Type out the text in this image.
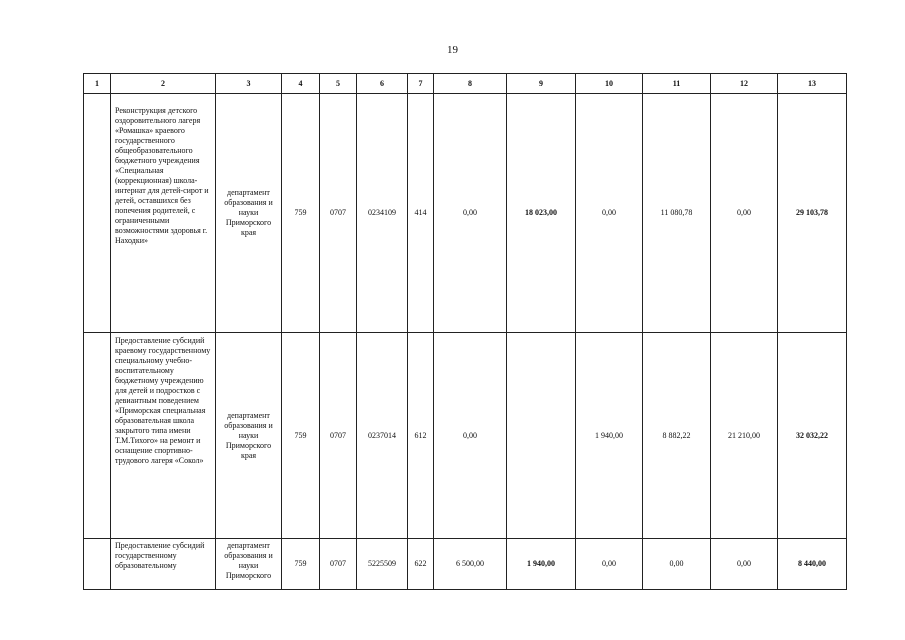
19
1	2	3	4	5	6	7	8	9	10	11	12	13
	Реконструкция детского оздоровительного лагеря «Ромашка» краевого государственного общеобразовательного бюджетного учреждения «Специальная (коррекционная) школа-интернат для детей-сирот и детей, оставшихся без попечения родителей, с ограниченными возможностями здоровья г. Находки»	департамент образования и науки Приморского края	759	0707	0234109	414	0,00	18 023,00	0,00	11 080,78	0,00	29 103,78
	Предоставление субсидий краевому государственному специальному учебно-воспитательному бюджетному учреждению для детей и подростков с девиантным поведением «Приморская специальная образовательная школа закрытого типа имени Т.М.Тихого» на ремонт и оснащение спортивно-трудового лагеря «Сокол»	департамент образования и науки Приморского края	759	0707	0237014	612	0,00		1 940,00	8 882,22	21 210,00	32 032,22
	Предоставление субсидий государственному образовательному	департамент образования и науки Приморского	759	0707	5225509	622	6 500,00	1 940,00	0,00	0,00	0,00	8 440,00
